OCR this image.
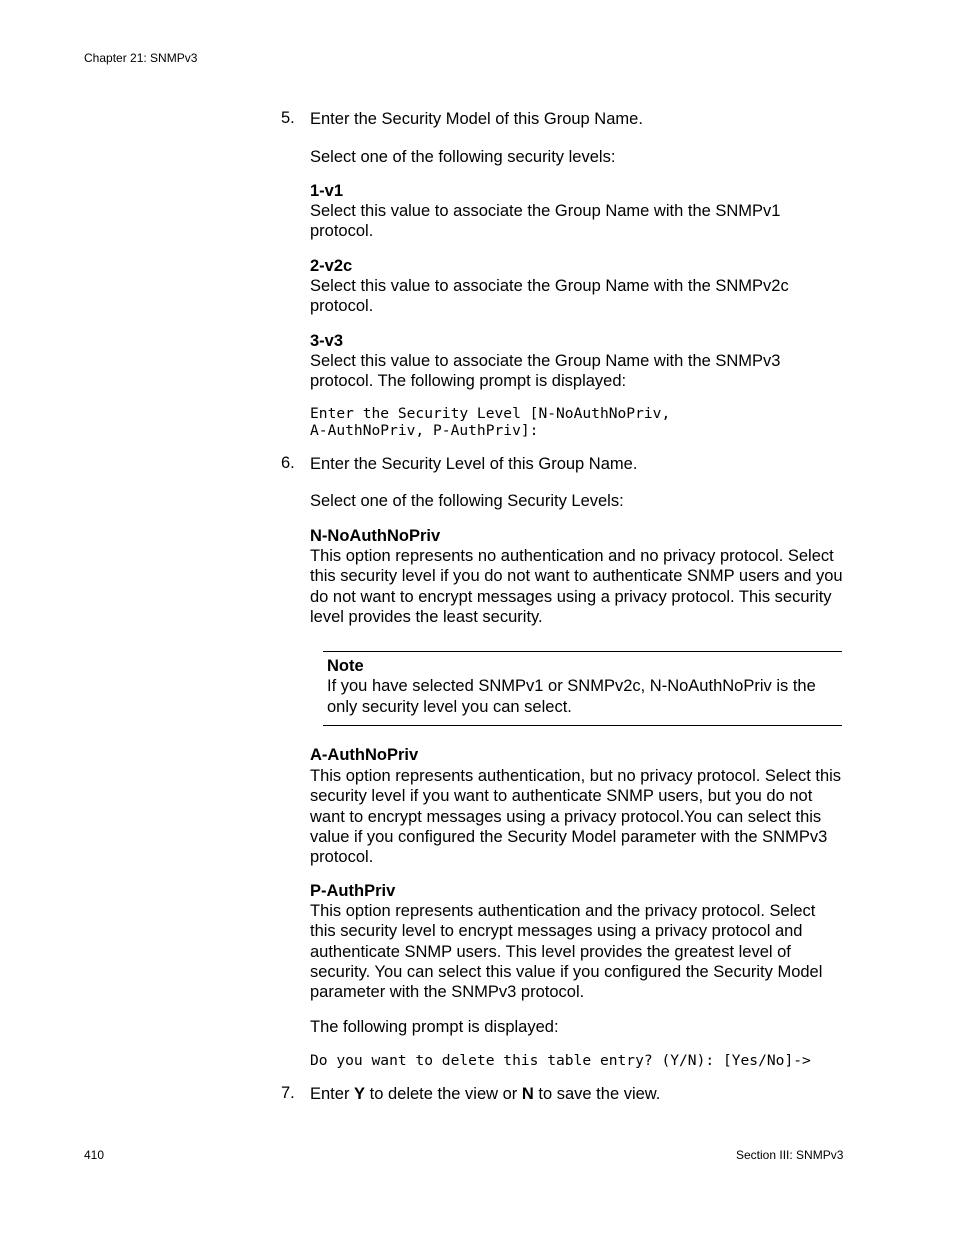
Chapter 21: SNMPv3
5. Enter the Security Model of this Group Name.
Select one of the following security levels:
1-v1
Select this value to associate the Group Name with the SNMPv1 protocol.
2-v2c
Select this value to associate the Group Name with the SNMPv2c protocol.
3-v3
Select this value to associate the Group Name with the SNMPv3 protocol. The following prompt is displayed:
Enter the Security Level [N-NoAuthNoPriv,
A-AuthNoPriv, P-AuthPriv]:
6. Enter the Security Level of this Group Name.
Select one of the following Security Levels:
N-NoAuthNoPriv
This option represents no authentication and no privacy protocol. Select this security level if you do not want to authenticate SNMP users and you do not want to encrypt messages using a privacy protocol. This security level provides the least security.
Note
If you have selected SNMPv1 or SNMPv2c, N-NoAuthNoPriv is the only security level you can select.
A-AuthNoPriv
This option represents authentication, but no privacy protocol. Select this security level if you want to authenticate SNMP users, but you do not want to encrypt messages using a privacy protocol.You can select this value if you configured the Security Model parameter with the SNMPv3 protocol.
P-AuthPriv
This option represents authentication and the privacy protocol. Select this security level to encrypt messages using a privacy protocol and authenticate SNMP users. This level provides the greatest level of security. You can select this value if you configured the Security Model parameter with the SNMPv3 protocol.
The following prompt is displayed:
Do you want to delete this table entry? (Y/N): [Yes/No]->
7. Enter Y to delete the view or N to save the view.
410	Section III: SNMPv3
